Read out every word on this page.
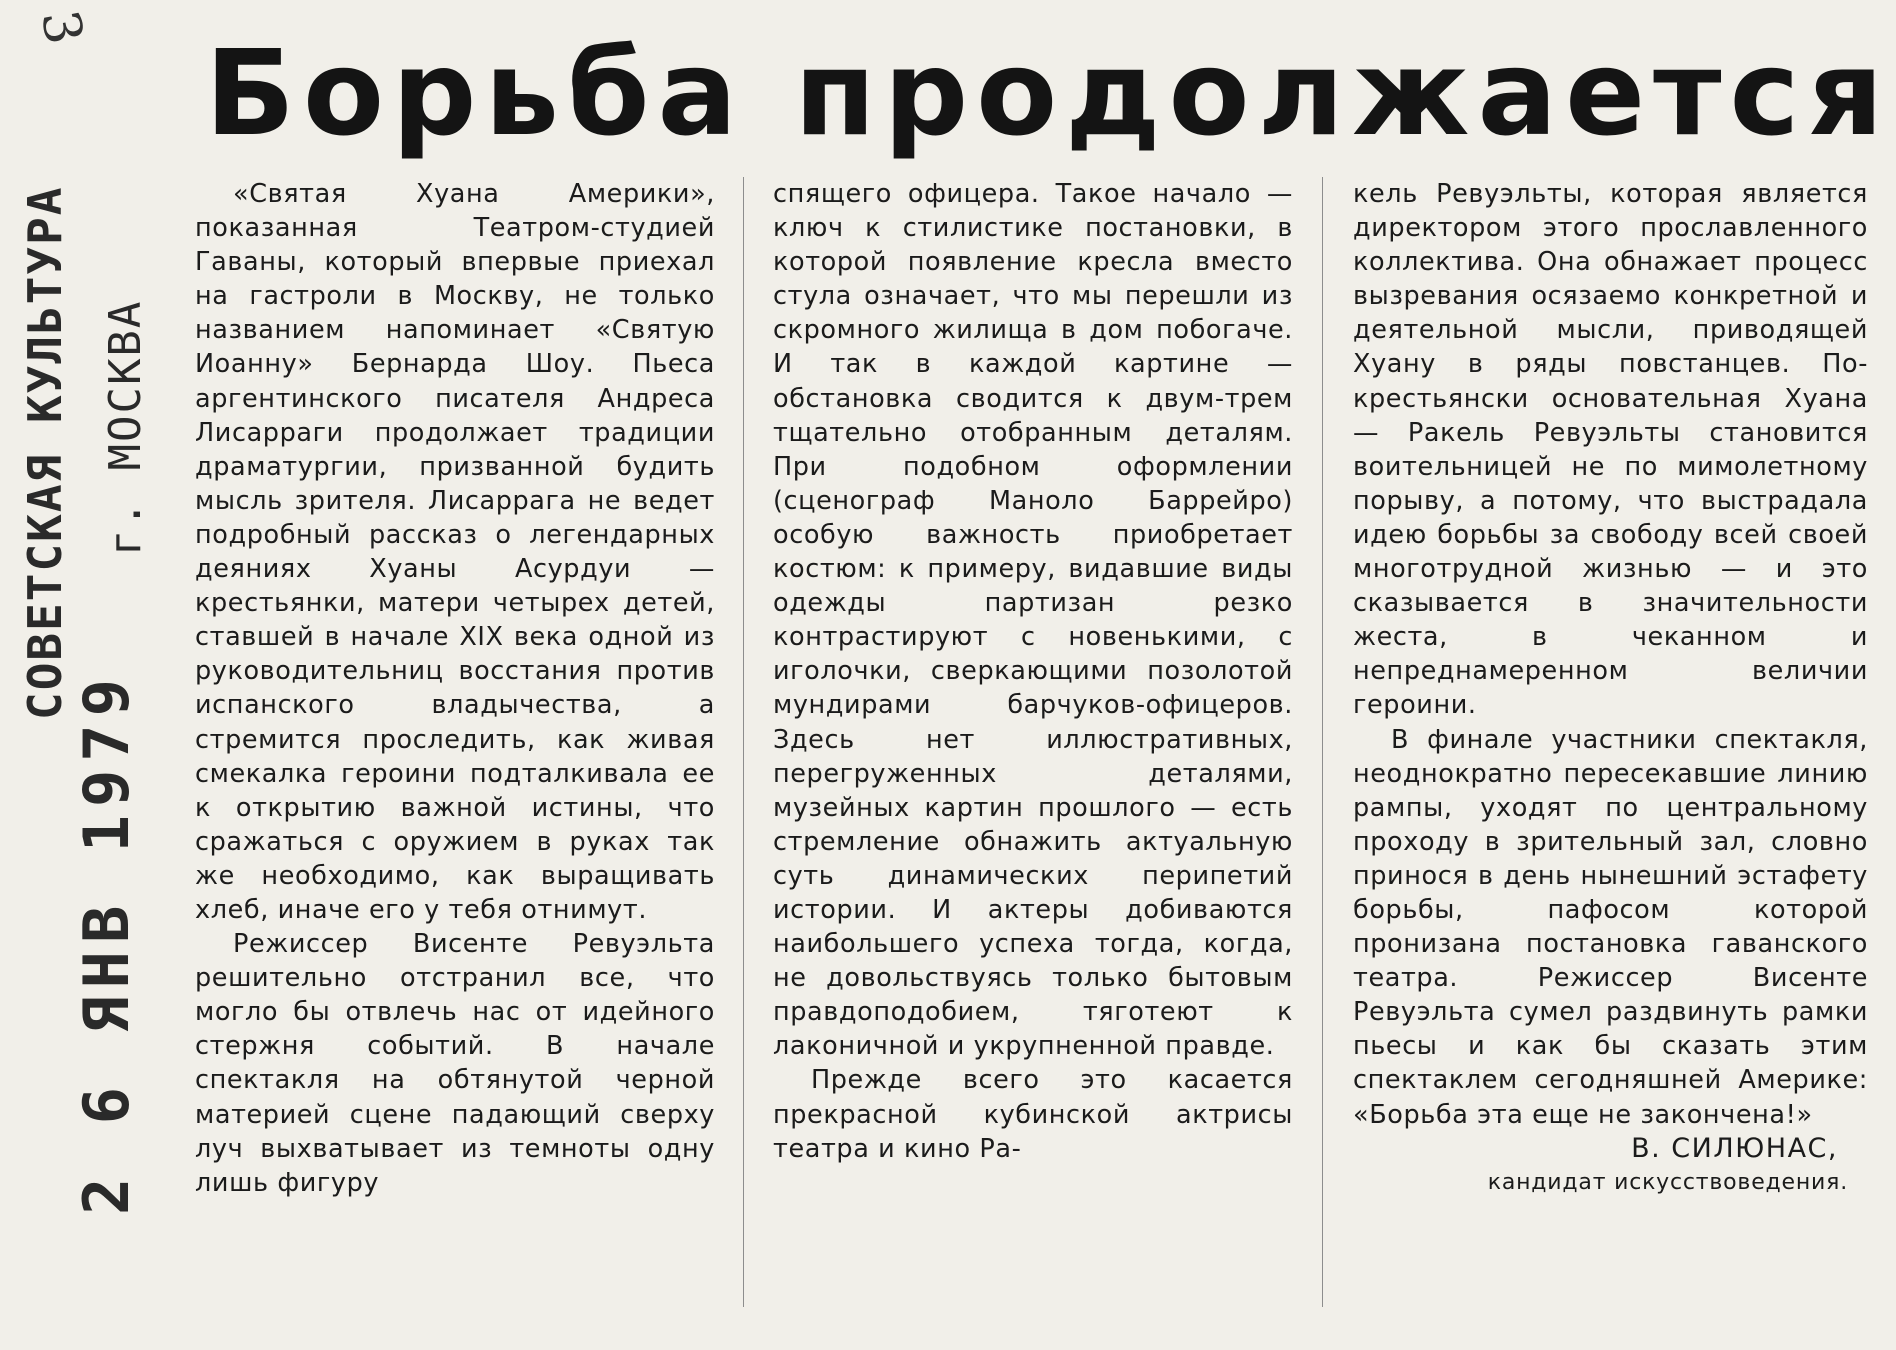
3
СОВЕТСКАЯ КУЛЬТУРА г. МОСКВА
2 6 ЯНВ 1979
Борьба продолжается

«Святая Хуана Америки», показанная Театром-студией Гаваны, который впервые приехал на гастроли в Москву, не только названием напоминает «Святую Иоанну» Бернарда Шоу. Пьеса аргентинского писателя Андреса Лисарраги продолжает традиции драматургии, призванной будить мысль зрителя. Лисаррага не ведет подробный рассказ о легендарных деяниях Хуаны Асурдуи — крестьянки, матери четырех детей, ставшей в начале XIX века одной из руководительниц восстания против испанского владычества, а стремится проследить, как живая смекалка героини подталкивала ее к открытию важной истины, что сражаться с оружием в руках так же необходимо, как выращивать хлеб, иначе его у тебя отнимут.

Режиссер Висенте Ревуэльта решительно отстранил все, что могло бы отвлечь нас от идейного стержня событий. В начале спектакля на обтянутой черной материей сцене падающий сверху луч выхватывает из темноты одну лишь фигуру

спящего офицера. Такое начало — ключ к стилистике постановки, в которой появление кресла вместо стула означает, что мы перешли из скромного жилища в дом побогаче. И так в каждой картине — обстановка сводится к двум-трем тщательно отобранным деталям. При подобном оформлении (сценограф Маноло Баррейро) особую важность приобретает костюм: к примеру, видавшие виды одежды партизан резко контрастируют с новенькими, с иголочки, сверкающими позолотой мундирами барчуков-офицеров. Здесь нет иллюстративных, перегруженных деталями, музейных картин прошлого — есть стремление обнажить актуальную суть динамических перипетий истории. И актеры добиваются наибольшего успеха тогда, когда, не довольствуясь только бытовым правдоподобием, тяготеют к лаконичной и укрупненной правде.

Прежде всего это касается прекрасной кубинской актрисы театра и кино Ра-

кель Ревуэльты, которая является директором этого прославленного коллектива. Она обнажает процесс вызревания осязаемо конкретной и деятельной мысли, приводящей Хуану в ряды повстанцев. По-крестьянски основательная Хуана — Ракель Ревуэльты становится воительницей не по мимолетному порыву, а потому, что выстрадала идею борьбы за свободу всей своей многотрудной жизнью — и это сказывается в значительности жеста, в чеканном и непреднамеренном величии героини.

В финале участники спектакля, неоднократно пересекавшие линию рампы, уходят по центральному проходу в зрительный зал, словно принося в день нынешний эстафету борьбы, пафосом которой пронизана постановка гаванского театра. Режиссер Висенте Ревуэльта сумел раздвинуть рамки пьесы и как бы сказать этим спектаклем сегодняшней Америке: «Борьба эта еще не закончена!»

В. СИЛЮНАС,

кандидат искусствоведения.
